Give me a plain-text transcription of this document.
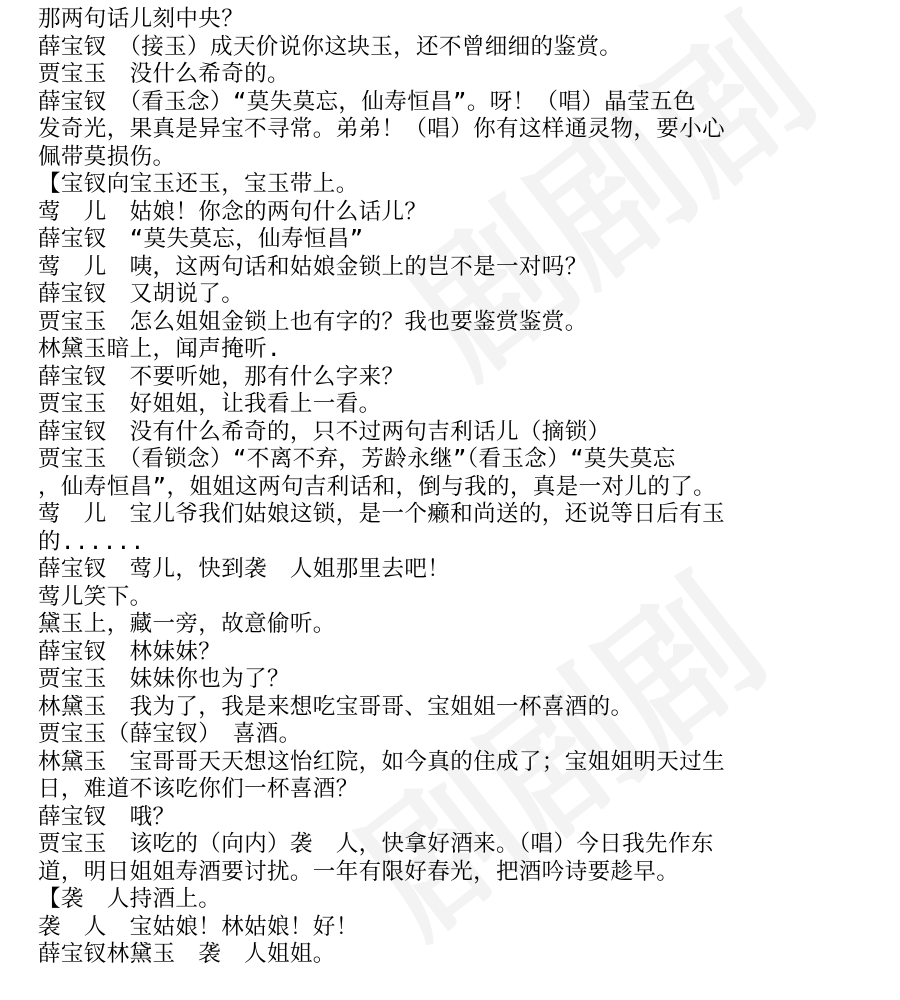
那两句话儿刻中央？
薛宝钗　（接玉）成天价说你这块玉，还不曾细细的鉴赏。
贾宝玉　没什么希奇的。
薛宝钗　（看玉念）“莫失莫忘，仙寿恒昌”。呀！（唱）晶莹五色
发奇光，果真是异宝不寻常。弟弟！（唱）你有这样通灵物，要小心
佩带莫损伤。
【宝钗向宝玉还玉，宝玉带上。
莺　儿　姑娘！你念的两句什么话儿？
薛宝钗　“莫失莫忘，仙寿恒昌”
莺　儿　咦，这两句话和姑娘金锁上的岂不是一对吗？
薛宝钗　又胡说了。
贾宝玉　怎么姐姐金锁上也有字的？我也要鉴赏鉴赏。
林黛玉暗上，闻声掩听.
薛宝钗　不要听她，那有什么字来？
贾宝玉　好姐姐，让我看上一看。
薛宝钗　没有什么希奇的，只不过两句吉利话儿（摘锁）
贾宝玉　（看锁念）“不离不弃，芳龄永继”（看玉念）“莫失莫忘
，仙寿恒昌”，姐姐这两句吉利话和，倒与我的，真是一对儿的了。
莺　儿　宝儿爷我们姑娘这锁，是一个癞和尚送的，还说等日后有玉
的......
薛宝钗　莺儿，快到袭　人姐那里去吧！
莺儿笑下。
黛玉上，藏一旁，故意偷听。
薛宝钗　林妹妹？
贾宝玉　妹妹你也为了？
林黛玉　我为了，我是来想吃宝哥哥、宝姐姐一杯喜酒的。
贾宝玉（薛宝钗）　喜酒。
林黛玉　宝哥哥天天想这怡红院，如今真的住成了；宝姐姐明天过生
日，难道不该吃你们一杯喜酒？
薛宝钗　哦？
贾宝玉　该吃的（向内）袭　人，快拿好酒来。（唱）今日我先作东
道，明日姐姐寿酒要讨扰。一年有限好春光，把酒吟诗要趁早。
【袭　人持酒上。
袭　人　宝姑娘！林姑娘！好！
薛宝钗林黛玉　袭　人姐姐。
